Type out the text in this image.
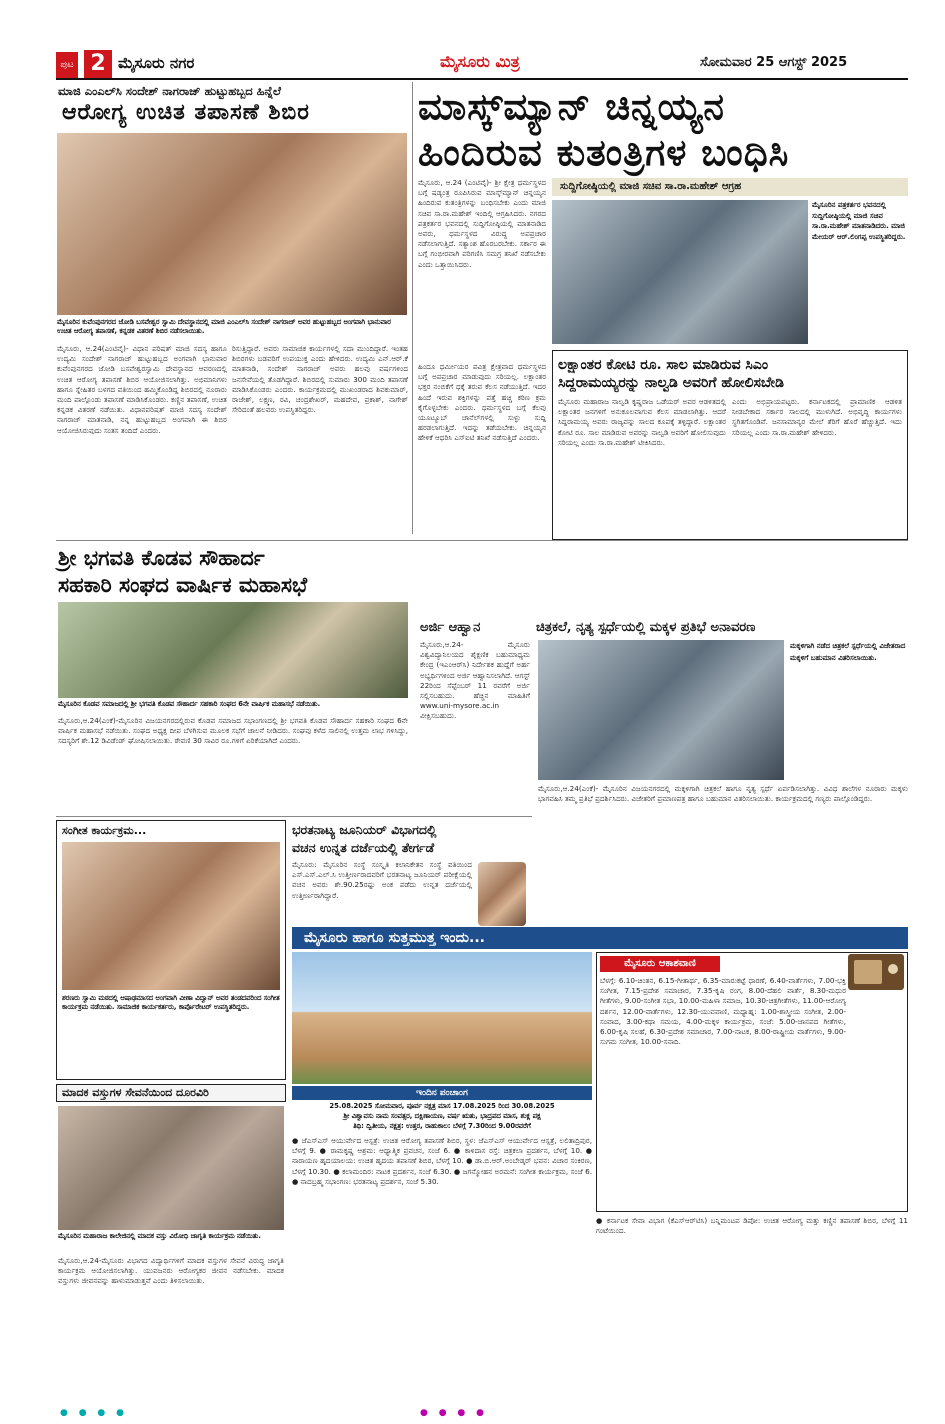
ಪುಟ 2 ಮೈಸೂರು ನಗರ	ಮೈಸೂರು ಮಿತ್ರ	ಸೋಮವಾರ 25 ಆಗಸ್ಟ್ 2025
ಮಾಜಿ ಎಂಎಲ್‌ಸಿ ಸಂದೇಶ್ ನಾಗರಾಜ್ ಹುಟ್ಟುಹಬ್ಬದ ಹಿನ್ನೆಲೆ
ಆರೋಗ್ಯ ಉಚಿತ ತಪಾಸಣೆ ಶಿಬಿರ
ಮೈಸೂರಿನ ಕುವೆಂಪುನಗರದ ಜೋಡಿ ಬಸವೇಶ್ವರ ಸ್ವಾಮಿ ದೇವಸ್ಥಾನದಲ್ಲಿ ಮಾಜಿ ಎಂಎಲ್‌ಸಿ ಸಂದೇಶ್ ನಾಗರಾಜ್ ಅವರ ಹುಟ್ಟುಹಬ್ಬದ ಅಂಗವಾಗಿ ಭಾನುವಾರ ಉಚಿತ ಆರೋಗ್ಯ ತಪಾಸಣೆ, ಕನ್ನಡಕ ವಿತರಣೆ ಶಿಬಿರ ನಡೆಸಲಾಯಿತು.
ಮೈಸೂರು, ಆ.24(ಎಂಟಿವೈ)- ವಿಧಾನ ಪರಿಷತ್ ಮಾಜಿ ಸದಸ್ಯ ಹಾಗೂ ಉದ್ಯಮಿ ಸಂದೇಶ್ ನಾಗರಾಜ್ ಹುಟ್ಟುಹಬ್ಬದ ಅಂಗವಾಗಿ ಭಾನುವಾರ ಕುವೆಂಪುನಗರದ ಜೋಡಿ ಬಸವೇಶ್ವರಸ್ವಾಮಿ ದೇವಸ್ಥಾನದ ಆವರಣದಲ್ಲಿ ಉಚಿತ ಆರೋಗ್ಯ ತಪಾಸಣೆ ಶಿಬಿರ ಆಯೋಜಿಸಲಾಗಿತ್ತು. ಅಭಿಮಾನಿಗಳು ಹಾಗೂ ಸ್ನೇಹಿತರ ಬಳಗದ ವತಿಯಿಂದ ಹಮ್ಮಿಕೊಂಡಿದ್ದ ಶಿಬಿರದಲ್ಲಿ ನೂರಾರು ಮಂದಿ ಪಾಲ್ಗೊಂಡು ತಪಾಸಣೆ ಮಾಡಿಸಿಕೊಂಡರು. ಕಣ್ಣಿನ ತಪಾಸಣೆ, ಉಚಿತ ಕನ್ನಡಕ ವಿತರಣೆ ನಡೆಯಿತು. ವಿಧಾನಪರಿಷತ್ ಮಾಜಿ ಸದಸ್ಯ ಸಂದೇಶ್ ನಾಗರಾಜ್ ಮಾತನಾಡಿ, ನನ್ನ ಹುಟ್ಟುಹಬ್ಬದ ಅಂಗವಾಗಿ ಈ ಶಿಬಿರ ಆಯೋಜಿಸಿರುವುದು ಸಂತಸ ತಂದಿದೆ ಎಂದರು.
ರಿಸುತ್ತಿದ್ದಾರೆ. ಅವರು ಸಾಮಾಜಿಕ ಕಾರ್ಯಗಳಲ್ಲಿ ಸದಾ ಮುಂದಿದ್ದಾರೆ. ಇಂತಹ ಶಿಬಿರಗಳು ಬಡವರಿಗೆ ಉಪಯುಕ್ತ ಎಂದು ಹೇಳಿದರು. ಉದ್ಯಮಿ ಎನ್.ಆರ್.ಕೆ ಮಾತನಾಡಿ, ಸಂದೇಶ್ ನಾಗರಾಜ್ ಅವರು ಹಲವು ವರ್ಷಗಳಿಂದ ಜನಸೇವೆಯಲ್ಲಿ ತೊಡಗಿದ್ದಾರೆ. ಶಿಬಿರದಲ್ಲಿ ಸುಮಾರು 300 ಮಂದಿ ತಪಾಸಣೆ ಮಾಡಿಸಿಕೊಂಡರು ಎಂದರು. ಕಾರ್ಯಕ್ರಮದಲ್ಲಿ ಮುಖಂಡರಾದ ಶಿವಕುಮಾರ್, ರಾಜೇಶ್, ಲಕ್ಷ್ಮಣ, ರವಿ, ಚಂದ್ರಶೇಖರ್, ಮಹದೇವ, ಪ್ರಕಾಶ್, ನಾಗೇಶ್ ಸೇರಿದಂತೆ ಹಲವರು ಉಪಸ್ಥಿತರಿದ್ದರು.
ಮಾಸ್ಕ್‌ಮ್ಯಾನ್ ಚಿನ್ನಯ್ಯನ
ಹಿಂದಿರುವ ಕುತಂತ್ರಿಗಳ ಬಂಧಿಸಿ
ಸುದ್ದಿಗೋಷ್ಠಿಯಲ್ಲಿ ಮಾಜಿ ಸಚಿವ ಸಾ.ರಾ.ಮಹೇಶ್ ಆಗ್ರಹ
ಮೈಸೂರು, ಆ.24 (ಎಂಟಿವೈ)- ಶ್ರೀ ಕ್ಷೇತ್ರ ಧರ್ಮಸ್ಥಳದ ಬಗ್ಗೆ ಷಡ್ಯಂತ್ರ ರೂಪಿಸಿರುವ ಮಾಸ್ಕ್‌ಮ್ಯಾನ್ ಚಿನ್ನಯ್ಯನ ಹಿಂದಿರುವ ಕುತಂತ್ರಿಗಳನ್ನು ಬಂಧಿಸಬೇಕು ಎಂದು ಮಾಜಿ ಸಚಿವ ಸಾ.ರಾ.ಮಹೇಶ್ ಇಂದಿಲ್ಲಿ ಆಗ್ರಹಿಸಿದರು. ನಗರದ ಪತ್ರಕರ್ತರ ಭವನದಲ್ಲಿ ಸುದ್ದಿಗೋಷ್ಠಿಯಲ್ಲಿ ಮಾತನಾಡಿದ ಅವರು, ಧರ್ಮಸ್ಥಳದ ವಿರುದ್ಧ ಅಪಪ್ರಚಾರ ನಡೆಸಲಾಗುತ್ತಿದೆ. ಸತ್ಯಾಂಶ ಹೊರಬರಬೇಕು. ಸರ್ಕಾರ ಈ ಬಗ್ಗೆ ಗಂಭೀರವಾಗಿ ಪರಿಗಣಿಸಿ ಸಮಗ್ರ ತನಿಖೆ ನಡೆಸಬೇಕು ಎಂದು ಒತ್ತಾಯಿಸಿದರು.
ಹಿಂದೂ ಧರ್ಮೀಯರ ಪವಿತ್ರ ಕ್ಷೇತ್ರವಾದ ಧರ್ಮಸ್ಥಳದ ಬಗ್ಗೆ ಅಪಪ್ರಚಾರ ಮಾಡುವುದು ಸರಿಯಲ್ಲ. ಲಕ್ಷಾಂತರ ಭಕ್ತರ ನಂಬಿಕೆಗೆ ಧಕ್ಕೆ ತರುವ ಕೆಲಸ ನಡೆಯುತ್ತಿದೆ. ಇದರ ಹಿಂದೆ ಇರುವ ಶಕ್ತಿಗಳನ್ನು ಪತ್ತೆ ಹಚ್ಚಿ ಕಠಿಣ ಕ್ರಮ ಕೈಗೊಳ್ಳಬೇಕು ಎಂದರು. ಧರ್ಮಸ್ಥಳದ ಬಗ್ಗೆ ಕೆಲವು ಯೂಟ್ಯೂಬ್ ಚಾನೆಲ್‌ಗಳಲ್ಲಿ ಸುಳ್ಳು ಸುದ್ದಿ ಹರಡಲಾಗುತ್ತಿದೆ. ಇದನ್ನು ತಡೆಯಬೇಕು. ಚಿನ್ನಯ್ಯನ ಹೇಳಿಕೆ ಆಧರಿಸಿ ಎಸ್‌ಐಟಿ ತನಿಖೆ ನಡೆಸುತ್ತಿದೆ ಎಂದರು.
ಮೈಸೂರಿನ ಪತ್ರಕರ್ತರ ಭವನದಲ್ಲಿ ಸುದ್ದಿಗೋಷ್ಠಿಯಲ್ಲಿ ಮಾಜಿ ಸಚಿವ ಸಾ.ರಾ.ಮಹೇಶ್ ಮಾತನಾಡಿದರು. ಮಾಜಿ ಮೇಯರ್ ಆರ್.ಲಿಂಗಪ್ಪ ಉಪಸ್ಥಿತರಿದ್ದರು.
ಲಕ್ಷಾಂತರ ಕೋಟಿ ರೂ. ಸಾಲ ಮಾಡಿರುವ ಸಿಎಂ
ಸಿದ್ದರಾಮಯ್ಯರನ್ನು ನಾಲ್ವಡಿ ಅವರಿಗೆ ಹೋಲಿಸಬೇಡಿ
ಮೈಸೂರು ಮಹಾರಾಜ ನಾಲ್ವಡಿ ಕೃಷ್ಣರಾಜ ಒಡೆಯರ್ ಅವರ ಆಡಳಿತದಲ್ಲಿ ಲಕ್ಷಾಂತರ ಜನಗಳಿಗೆ ಅನುಕೂಲವಾಗುವ ಕೆಲಸ ಮಾಡಲಾಗಿತ್ತು. ಆದರೆ ಸಿದ್ದರಾಮಯ್ಯ ಅವರು ರಾಜ್ಯವನ್ನು ಸಾಲದ ಕೂಪಕ್ಕೆ ತಳ್ಳಿದ್ದಾರೆ. ಲಕ್ಷಾಂತರ ಕೋಟಿ ರೂ. ಸಾಲ ಮಾಡಿರುವ ಅವರನ್ನು ನಾಲ್ವಡಿ ಅವರಿಗೆ ಹೋಲಿಸುವುದು ಸರಿಯಲ್ಲ ಎಂದು ಸಾ.ರಾ.ಮಹೇಶ್ ಟೀಕಿಸಿದರು.
ಎಂದು ಅಭಿಪ್ರಾಯಪಟ್ಟರು. ಕರ್ನಾಟಕದಲ್ಲಿ ಪ್ರಾಮಾಣಿಕ ಆಡಳಿತ ನೀಡಬೇಕಾದ ಸರ್ಕಾರ ಸಾಲದಲ್ಲಿ ಮುಳುಗಿದೆ. ಅಭಿವೃದ್ಧಿ ಕಾರ್ಯಗಳು ಸ್ಥಗಿತಗೊಂಡಿವೆ. ಜನಸಾಮಾನ್ಯರ ಮೇಲೆ ತೆರಿಗೆ ಹೊರೆ ಹೆಚ್ಚುತ್ತಿದೆ. ಇದು ಸರಿಯಲ್ಲ ಎಂದು ಸಾ.ರಾ.ಮಹೇಶ್ ಹೇಳಿದರು.
ಶ್ರೀ ಭಗವತಿ ಕೊಡವ ಸೌಹಾರ್ದ
ಸಹಕಾರಿ ಸಂಘದ ವಾರ್ಷಿಕ ಮಹಾಸಭೆ
ಮೈಸೂರಿನ ಕೊಡವ ಸಮಾಜದಲ್ಲಿ ಶ್ರೀ ಭಗವತಿ ಕೊಡವ ಸೌಹಾರ್ದ ಸಹಕಾರಿ ಸಂಘದ 6ನೇ ವಾರ್ಷಿಕ ಮಹಾಸಭೆ ನಡೆಯಿತು.
ಮೈಸೂರು,ಆ.24(ಎಂಕೆ)-ಮೈಸೂರಿನ ವಿಜಯನಗರದಲ್ಲಿರುವ ಕೊಡವ ಸಮಾಜದ ಸಭಾಂಗಣದಲ್ಲಿ ಶ್ರೀ ಭಗವತಿ ಕೊಡವ ಸೌಹಾರ್ದ ಸಹಕಾರಿ ಸಂಘದ 6ನೇ ವಾರ್ಷಿಕ ಮಹಾಸಭೆ ನಡೆಯಿತು. ಸಂಘದ ಅಧ್ಯಕ್ಷ ದೀಪ ಬೆಳಗಿಸುವ ಮೂಲಕ ಸಭೆಗೆ ಚಾಲನೆ ನೀಡಿದರು. ಸಂಘವು ಕಳೆದ ಸಾಲಿನಲ್ಲಿ ಉತ್ತಮ ಲಾಭ ಗಳಿಸಿದ್ದು, ಸದಸ್ಯರಿಗೆ ಶೇ.12 ಡಿವಿಡೆಂಡ್ ಘೋಷಿಸಲಾಯಿತು. ಠೇವಣಿ 30 ಸಾವಿರ ರೂ.ಗಳಿಗೆ ಏರಿಕೆಯಾಗಿದೆ ಎಂದರು.
ಸಂಗೀತ ಕಾರ್ಯಕ್ರಮ...
ಶರಣರು ಸ್ವಾಮಿ ಮಠದಲ್ಲಿ ಆಷಾಢಮಾಸದ ಅಂಗವಾಗಿ ವೀಣಾ ವಿದ್ವಾನ್ ಅವರ ತಂಡದವರಿಂದ ಸಂಗೀತ ಕಾರ್ಯಕ್ರಮ ನಡೆಯಿತು. ಸಾಮಾಜಿಕ ಕಾರ್ಯಕರ್ತರು, ಕಾರ್ಪೊರೇಟರ್ ಉಪಸ್ಥಿತರಿದ್ದರು.
ಮಾದಕ ವಸ್ತುಗಳ ಸೇವನೆಯಿಂದ ದೂರವಿರಿ
ಮೈಸೂರಿನ ಮಹಾರಾಜ ಕಾಲೇಜಿನಲ್ಲಿ ಮಾದಕ ವಸ್ತು ವಿರೋಧಿ ಜಾಗೃತಿ ಕಾರ್ಯಕ್ರಮ ನಡೆಯಿತು.
ಮೈಸೂರು,ಆ.24-ಮೈಸೂರು ವಿಭಾಗದ ವಿದ್ಯಾರ್ಥಿಗಳಿಗೆ ಮಾದಕ ವಸ್ತುಗಳ ಸೇವನೆ ವಿರುದ್ಧ ಜಾಗೃತಿ ಕಾರ್ಯಕ್ರಮ ಆಯೋಜಿಸಲಾಗಿತ್ತು. ಯುವಜನರು ಆರೋಗ್ಯಕರ ಜೀವನ ನಡೆಸಬೇಕು. ಮಾದಕ ವಸ್ತುಗಳು ಜೀವನವನ್ನು ಹಾಳುಮಾಡುತ್ತವೆ ಎಂದು ತಿಳಿಸಲಾಯಿತು.
ಭರತನಾಟ್ಯ ಜೂನಿಯರ್ ವಿಭಾಗದಲ್ಲಿ
ವಚನ ಉನ್ನತ ದರ್ಜೆಯಲ್ಲಿ ತೇರ್ಗಡೆ
ಮೈಸೂರು: ಮೈಸೂರಿನ ಸಂಸ್ಥೆ ಸಂಸ್ಕೃತಿ ಕಲಾನಿಕೇತನ ಸಂಸ್ಥೆ ವತಿಯಿಂದ ಎಸ್.ಎಸ್.ಎಲ್.ಸಿ ಉತ್ತೀರ್ಣರಾದವರಿಗೆ ಭರತನಾಟ್ಯ ಜೂನಿಯರ್ ಪರೀಕ್ಷೆಯಲ್ಲಿ ವಚನ ಅವರು ಶೇ.90.25ರಷ್ಟು ಅಂಕ ಪಡೆದು ಉನ್ನತ ದರ್ಜೆಯಲ್ಲಿ ಉತ್ತೀರ್ಣರಾಗಿದ್ದಾರೆ.
ಅರ್ಜಿ ಆಹ್ವಾನ
ಮೈಸೂರು,ಆ.24- ಮೈಸೂರು ವಿಶ್ವವಿದ್ಯಾನಿಲಯದ ಶೈಕ್ಷಣಿಕ ಬಹುಮಾಧ್ಯಮ ಕೇಂದ್ರ (ಇಎಂಆರ್‌ಸಿ) ನಿರ್ದೇಶಕ ಹುದ್ದೆಗೆ ಅರ್ಹ ಅಭ್ಯರ್ಥಿಗಳಿಂದ ಅರ್ಜಿ ಆಹ್ವಾನಿಸಲಾಗಿದೆ. ಆಗಸ್ಟ್ 22ರಿಂದ ಸೆಪ್ಟೆಂಬರ್ 11 ರವರೆಗೆ ಅರ್ಜಿ ಸಲ್ಲಿಸಬಹುದು. ಹೆಚ್ಚಿನ ಮಾಹಿತಿಗೆ www.uni-mysore.ac.in ವೀಕ್ಷಿಸಬಹುದು.
ಚಿತ್ರಕಲೆ, ನೃತ್ಯ ಸ್ಪರ್ಧೆಯಲ್ಲಿ ಮಕ್ಕಳ ಪ್ರತಿಭೆ ಅನಾವರಣ
ಮಕ್ಕಳಿಗಾಗಿ ನಡೆದ ಚಿತ್ರಕಲೆ ಸ್ಪರ್ಧೆಯಲ್ಲಿ ವಿಜೇತರಾದ ಮಕ್ಕಳಿಗೆ ಬಹುಮಾನ ವಿತರಿಸಲಾಯಿತು.
ಮೈಸೂರು,ಆ.24(ಎಂಕೆ)- ಮೈಸೂರಿನ ವಿಜಯನಗರದಲ್ಲಿ ಮಕ್ಕಳಿಗಾಗಿ ಚಿತ್ರಕಲೆ ಹಾಗೂ ನೃತ್ಯ ಸ್ಪರ್ಧೆ ಏರ್ಪಡಿಸಲಾಗಿತ್ತು. ವಿವಿಧ ಶಾಲೆಗಳ ನೂರಾರು ಮಕ್ಕಳು ಭಾಗವಹಿಸಿ ತಮ್ಮ ಪ್ರತಿಭೆ ಪ್ರದರ್ಶಿಸಿದರು. ವಿಜೇತರಿಗೆ ಪ್ರಮಾಣಪತ್ರ ಹಾಗೂ ಬಹುಮಾನ ವಿತರಿಸಲಾಯಿತು. ಕಾರ್ಯಕ್ರಮದಲ್ಲಿ ಗಣ್ಯರು ಪಾಲ್ಗೊಂಡಿದ್ದರು.
ಮೈಸೂರು ಹಾಗೂ ಸುತ್ತಮುತ್ತ ಇಂದು...
ಇಂದಿನ ಪಂಚಾಂಗ
25.08.2025 ಸೋಮವಾರ, ಪೂರ್ವ ನಕ್ಷತ್ರ ಮಾಸ 17.08.2025 ರಿಂದ 30.08.2025
ಶ್ರೀ ವಿಶ್ವಾವಸು ನಾಮ ಸಂವತ್ಸರ, ದಕ್ಷಿಣಾಯಣ, ವರ್ಷ ಋತು, ಭಾದ್ರಪದ ಮಾಸ, ಶುಕ್ಲ ಪಕ್ಷ
ತಿಥಿ: ದ್ವಿತೀಯ, ನಕ್ಷತ್ರ: ಉತ್ತರ, ರಾಹುಕಾಲ: ಬೆಳಗ್ಗೆ 7.30ರಿಂದ 9.00ರವರೆಗೆ
● ಜೆಎಸ್‌ಎಸ್ ಆಯುರ್ವೇದ ಆಸ್ಪತ್ರೆ: ಉಚಿತ ಆರೋಗ್ಯ ತಪಾಸಣೆ ಶಿಬಿರ, ಸ್ಥಳ: ಜೆಎಸ್‌ಎಸ್ ಆಯುರ್ವೇದ ಆಸ್ಪತ್ರೆ, ಲಲಿತಾದ್ರಿಪುರ, ಬೆಳಗ್ಗೆ 9. ● ರಾಮಕೃಷ್ಣ ಆಶ್ರಮ: ಆಧ್ಯಾತ್ಮಿಕ ಪ್ರವಚನ, ಸಂಜೆ 6. ● ಕಾಳಿದಾಸ ರಸ್ತೆ: ಚಿತ್ರಕಲಾ ಪ್ರದರ್ಶನ, ಬೆಳಗ್ಗೆ 10. ● ನಾರಾಯಣ ಹೃದಯಾಲಯ: ಉಚಿತ ಹೃದಯ ತಪಾಸಣೆ ಶಿಬಿರ, ಬೆಳಗ್ಗೆ 10. ● ಡಾ.ಬಿ.ಆರ್.ಅಂಬೇಡ್ಕರ್ ಭವನ: ವಿಚಾರ ಸಂಕಿರಣ, ಬೆಳಗ್ಗೆ 10.30. ● ಕಲಾಮಂದಿರ: ನಾಟಕ ಪ್ರದರ್ಶನ, ಸಂಜೆ 6.30. ● ಜಗನ್ಮೋಹನ ಅರಮನೆ: ಸಂಗೀತ ಕಾರ್ಯಕ್ರಮ, ಸಂಜೆ 6. ● ನಾದಬ್ರಹ್ಮ ಸಭಾಂಗಣ: ಭರತನಾಟ್ಯ ಪ್ರದರ್ಶನ, ಸಂಜೆ 5.30.
ಮೈಸೂರು ಆಕಾಶವಾಣಿ
ಬೆಳಗ್ಗೆ: 6.10-ಚಿಂತನ, 6.15-ಗೀತಾರ್ಥ, 6.35-ಮಾರುಕಟ್ಟೆ ಧಾರಣೆ, 6.40-ವಾರ್ತೆಗಳು, 7.00-ಭಕ್ತಿ ಸಂಗೀತ, 7.15-ಪ್ರದೇಶ ಸಮಾಚಾರ, 7.35-ಕೃಷಿ ರಂಗ, 8.00-ದೆಹಲಿ ವಾರ್ತೆ, 8.30-ಮಧುರ ಗೀತೆಗಳು, 9.00-ಸಂಗೀತ ಸಭಾ, 10.00-ಮಹಿಳಾ ಸಮಾಜ, 10.30-ಚಿತ್ರಗೀತೆಗಳು, 11.00-ಆರೋಗ್ಯ ದರ್ಶನ, 12.00-ವಾರ್ತೆಗಳು, 12.30-ಯುವವಾಣಿ, ಮಧ್ಯಾಹ್ನ: 1.00-ಶಾಸ್ತ್ರೀಯ ಸಂಗೀತ, 2.00-ಸಂವಾದ, 3.00-ಕಥಾ ಸಮಯ, 4.00-ಮಕ್ಕಳ ಕಾರ್ಯಕ್ರಮ, ಸಂಜೆ: 5.00-ಜಾನಪದ ಗೀತೆಗಳು, 6.00-ಕೃಷಿ ಸಲಹೆ, 6.30-ಪ್ರದೇಶ ಸಮಾಚಾರ, 7.00-ನಾಟಕ, 8.00-ರಾಷ್ಟ್ರೀಯ ವಾರ್ತೆಗಳು, 9.00-ಸುಗಮ ಸಂಗೀತ, 10.00-ಸನಾದಿ.
● ಕರ್ನಾಟಕ ಸೇವಾ ವಿಭಾಗ (ಕೆಎಸ್‌ಆರ್‌ಟಿಸಿ) ಬನ್ನಿಮಂಟಪ ಡಿಪೋ: ಉಚಿತ ಆರೋಗ್ಯ ಮತ್ತು ಕಣ್ಣಿನ ತಪಾಸಣೆ ಶಿಬಿರ, ಬೆಳಗ್ಗೆ 11 ಗಂಟೆಯಿಂದ.
● ● ● ●	● ● ● ●
